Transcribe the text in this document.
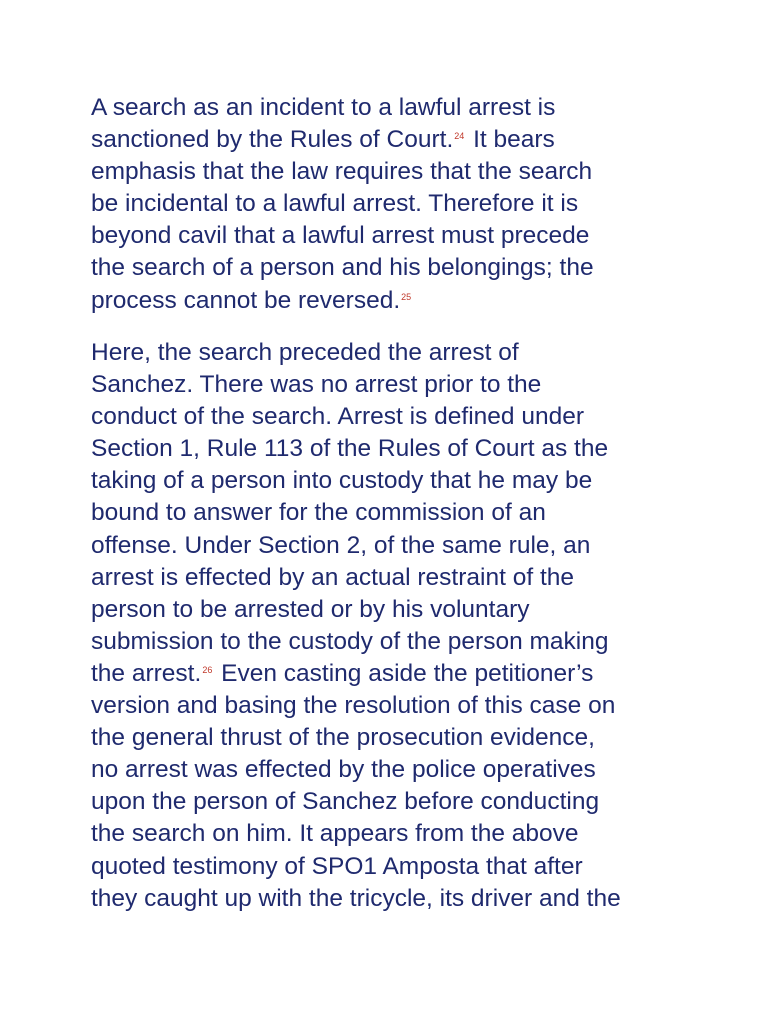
A search as an incident to a lawful arrest is
sanctioned by the Rules of Court.$^{24}$ It bears
emphasis that the law requires that the search
be incidental to a lawful arrest. Therefore it is
beyond cavil that a lawful arrest must precede
the search of a person and his belongings; the
process cannot be reversed.$^{25}$
Here, the search preceded the arrest of
Sanchez. There was no arrest prior to the
conduct of the search. Arrest is defined under
Section 1, Rule 113 of the Rules of Court as the
taking of a person into custody that he may be
bound to answer for the commission of an
offense. Under Section 2, of the same rule, an
arrest is effected by an actual restraint of the
person to be arrested or by his voluntary
submission to the custody of the person making
the arrest.$^{26}$ Even casting aside the petitioner’s
version and basing the resolution of this case on
the general thrust of the prosecution evidence,
no arrest was effected by the police operatives
upon the person of Sanchez before conducting
the search on him. It appears from the above
quoted testimony of SPO1 Amposta that after
they caught up with the tricycle, its driver and the
